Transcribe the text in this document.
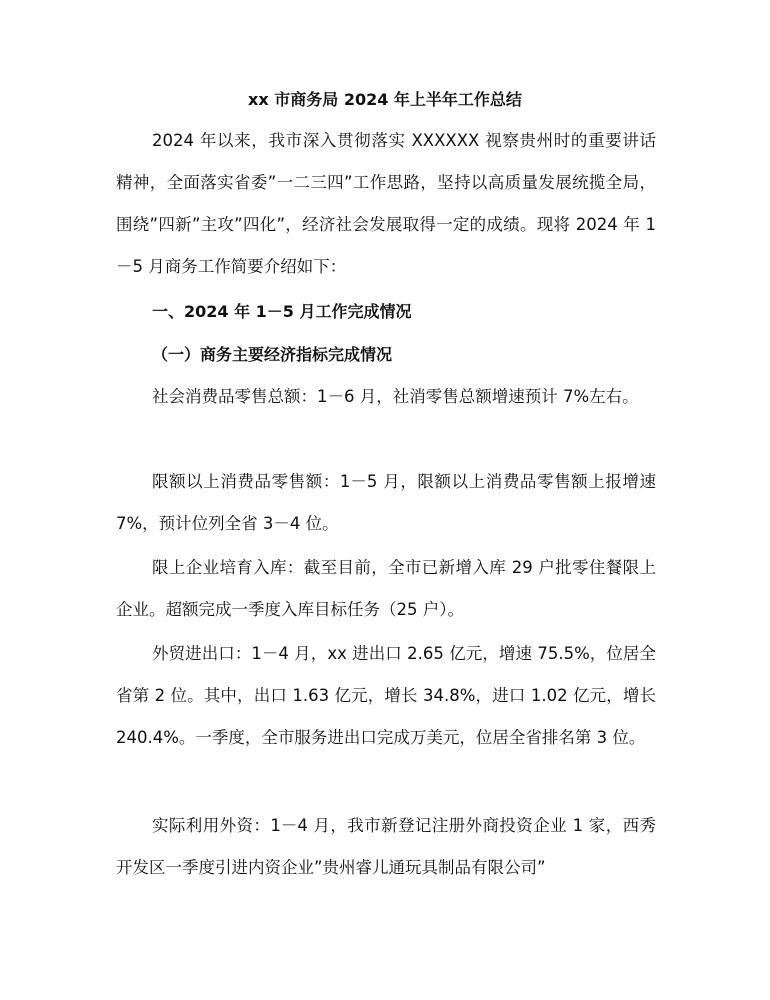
xx 市商务局 2024 年上半年工作总结
2024 年以来，我市深入贯彻落实 XXXXXX 视察贵州时的重要讲话精神，全面落实省委”一二三四”工作思路，坚持以高质量发展统揽全局，围绕”四新”主攻”四化”，经济社会发展取得一定的成绩。现将 2024 年 1－5 月商务工作简要介绍如下：
一、2024 年 1－5 月工作完成情况
（一）商务主要经济指标完成情况
社会消费品零售总额：1－6 月，社消零售总额增速预计 7%左右。
限额以上消费品零售额：1－5 月，限额以上消费品零售额上报增速 7%，预计位列全省 3－4 位。
限上企业培育入库：截至目前，全市已新增入库 29 户批零住餐限上企业。超额完成一季度入库目标任务（25 户）。
外贸进出口：1－4 月，xx 进出口 2.65 亿元，增速 75.5%，位居全省第 2 位。其中，出口 1.63 亿元，增长 34.8%，进口 1.02 亿元，增长 240.4%。一季度，全市服务进出口完成万美元，位居全省排名第 3 位。
实际利用外资：1－4 月，我市新登记注册外商投资企业 1 家，西秀开发区一季度引进内资企业”贵州睿儿通玩具制品有限公司”
